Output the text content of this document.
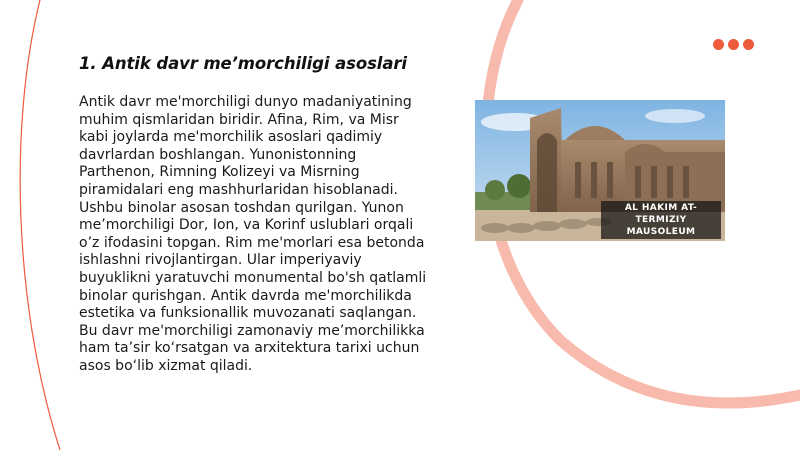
1. Antik davr me’morchiligi asoslari
Antik davr me'morchiligi dunyo madaniyatining muhim qismlaridan biridir. Afina, Rim, va Misr kabi joylarda me'morchilik asoslari qadimiy davrlardan boshlangan. Yunonistonning Parthenon, Rimning Kolizeyi va Misrning piramidalari eng mashhurlaridan hisoblanadi. Ushbu binolar asosan toshdan qurilgan. Yunon me’morchiligi Dor, Ion, va Korinf uslublari orqali o’z ifodasini topgan. Rim me'morlari esa betonda ishlashni rivojlantirgan. Ular imperiyaviy buyuklikni yaratuvchi monumental bo'sh qatlamli binolar qurishgan. Antik davrda me'morchilikda estetika va funksionallik muvozanati saqlangan. Bu davr me'morchiligi zamonaviy me’morchilikka ham ta’sir ko‘rsatgan va arxitektura tarixi uchun asos bo‘lib xizmat qiladi.
AL HAKIM AT-TERMIZIY
MAUSOLEUM
